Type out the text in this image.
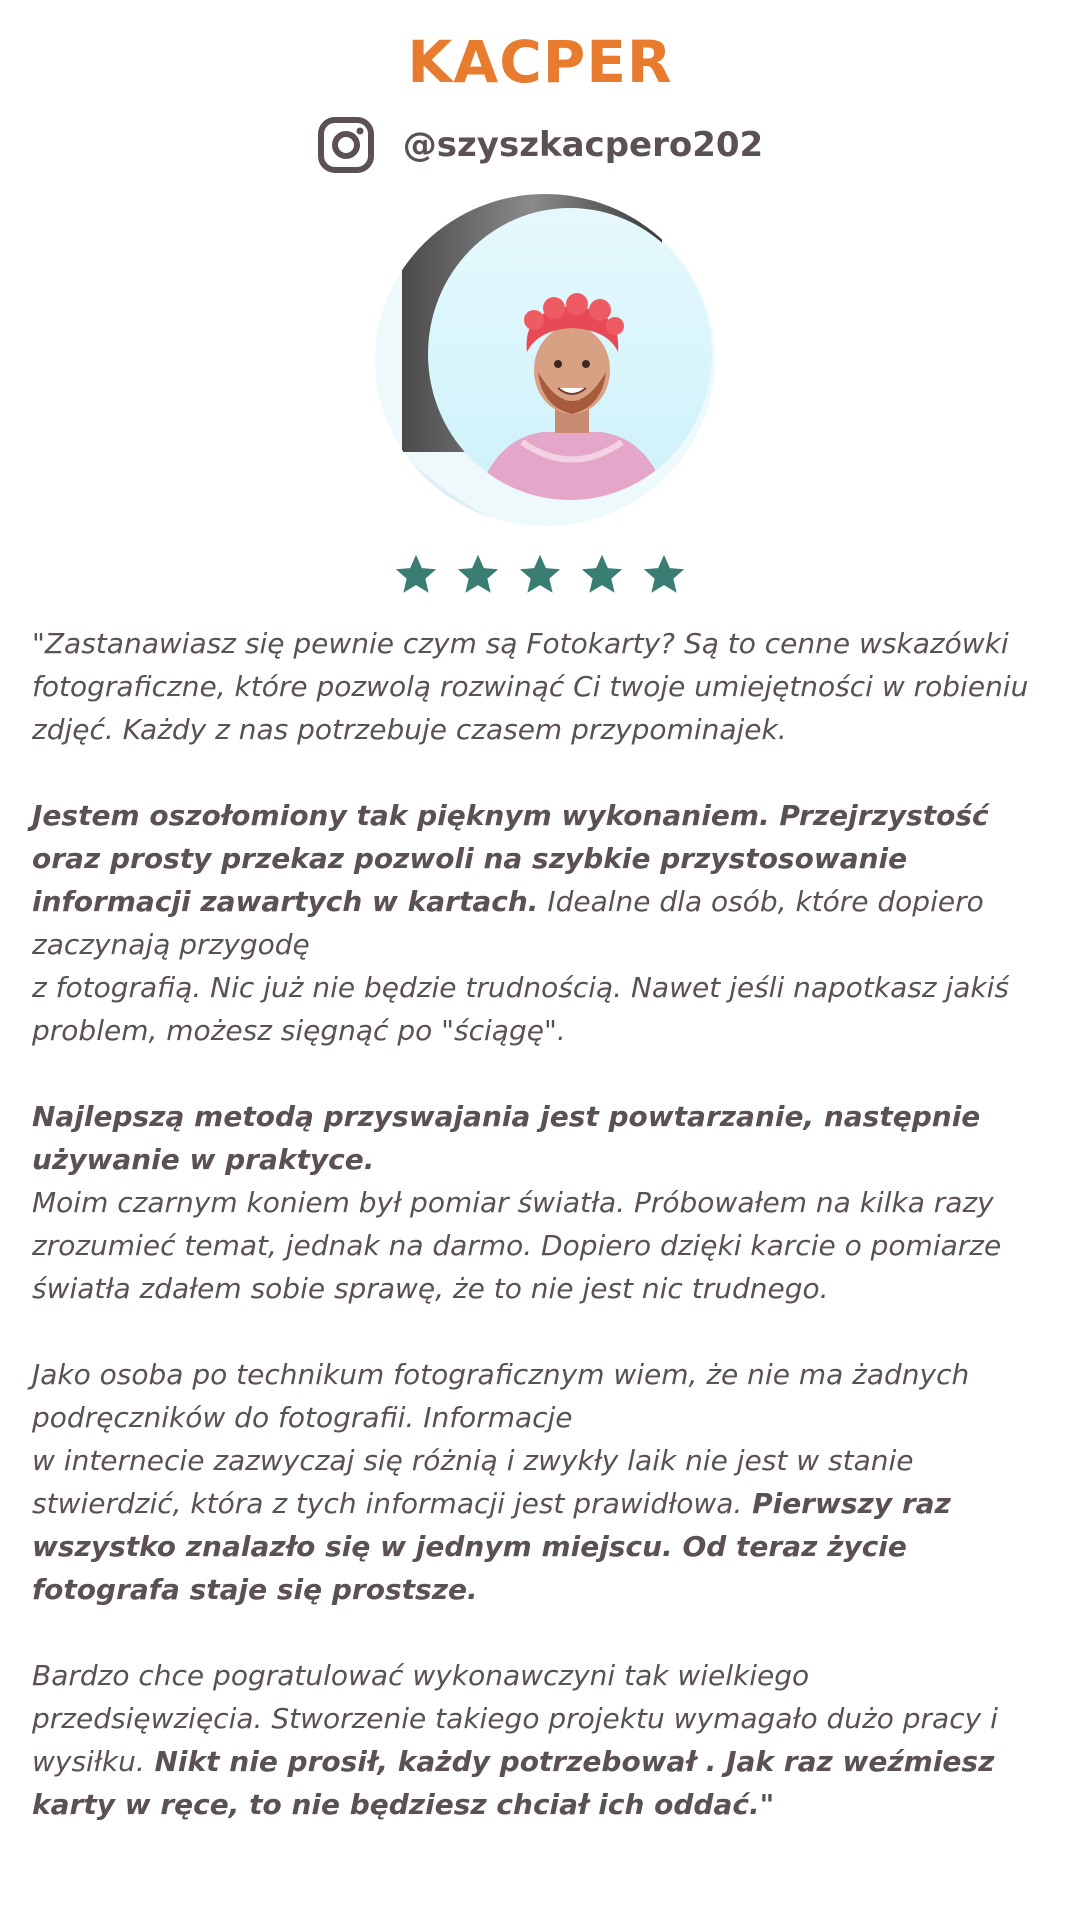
KACPER
@szyszkacpero202

"Zastanawiasz się pewnie czym są Fotokarty? Są to cenne wskazówki fotograficzne, które pozwolą rozwinąć Ci twoje umiejętności w robieniu zdjęć. Każdy z nas potrzebuje czasem przypominajek.

Jestem oszołomiony tak pięknym wykonaniem. Przejrzystość oraz prosty przekaz pozwoli na szybkie przystosowanie informacji zawartych w kartach. Idealne dla osób, które dopiero zaczynają przygodę
z fotografią. Nic już nie będzie trudnością. Nawet jeśli napotkasz jakiś problem, możesz sięgnąć po "ściągę".

Najlepszą metodą przyswajania jest powtarzanie, następnie używanie w praktyce.
Moim czarnym koniem był pomiar światła. Próbowałem na kilka razy zrozumieć temat, jednak na darmo. Dopiero dzięki karcie o pomiarze światła zdałem sobie sprawę, że to nie jest nic trudnego.

Jako osoba po technikum fotograficznym wiem, że nie ma żadnych podręczników do fotografii. Informacje
w internecie zazwyczaj się różnią i zwykły laik nie jest w stanie stwierdzić, która z tych informacji jest prawidłowa. Pierwszy raz wszystko znalazło się w jednym miejscu. Od teraz życie fotografa staje się prostsze.

Bardzo chce pogratulować wykonawczyni tak wielkiego przedsięwzięcia. Stworzenie takiego projektu wymagało dużo pracy i wysiłku. Nikt nie prosił, każdy potrzebował . Jak raz weźmiesz karty w ręce, to nie będziesz chciał ich oddać."
